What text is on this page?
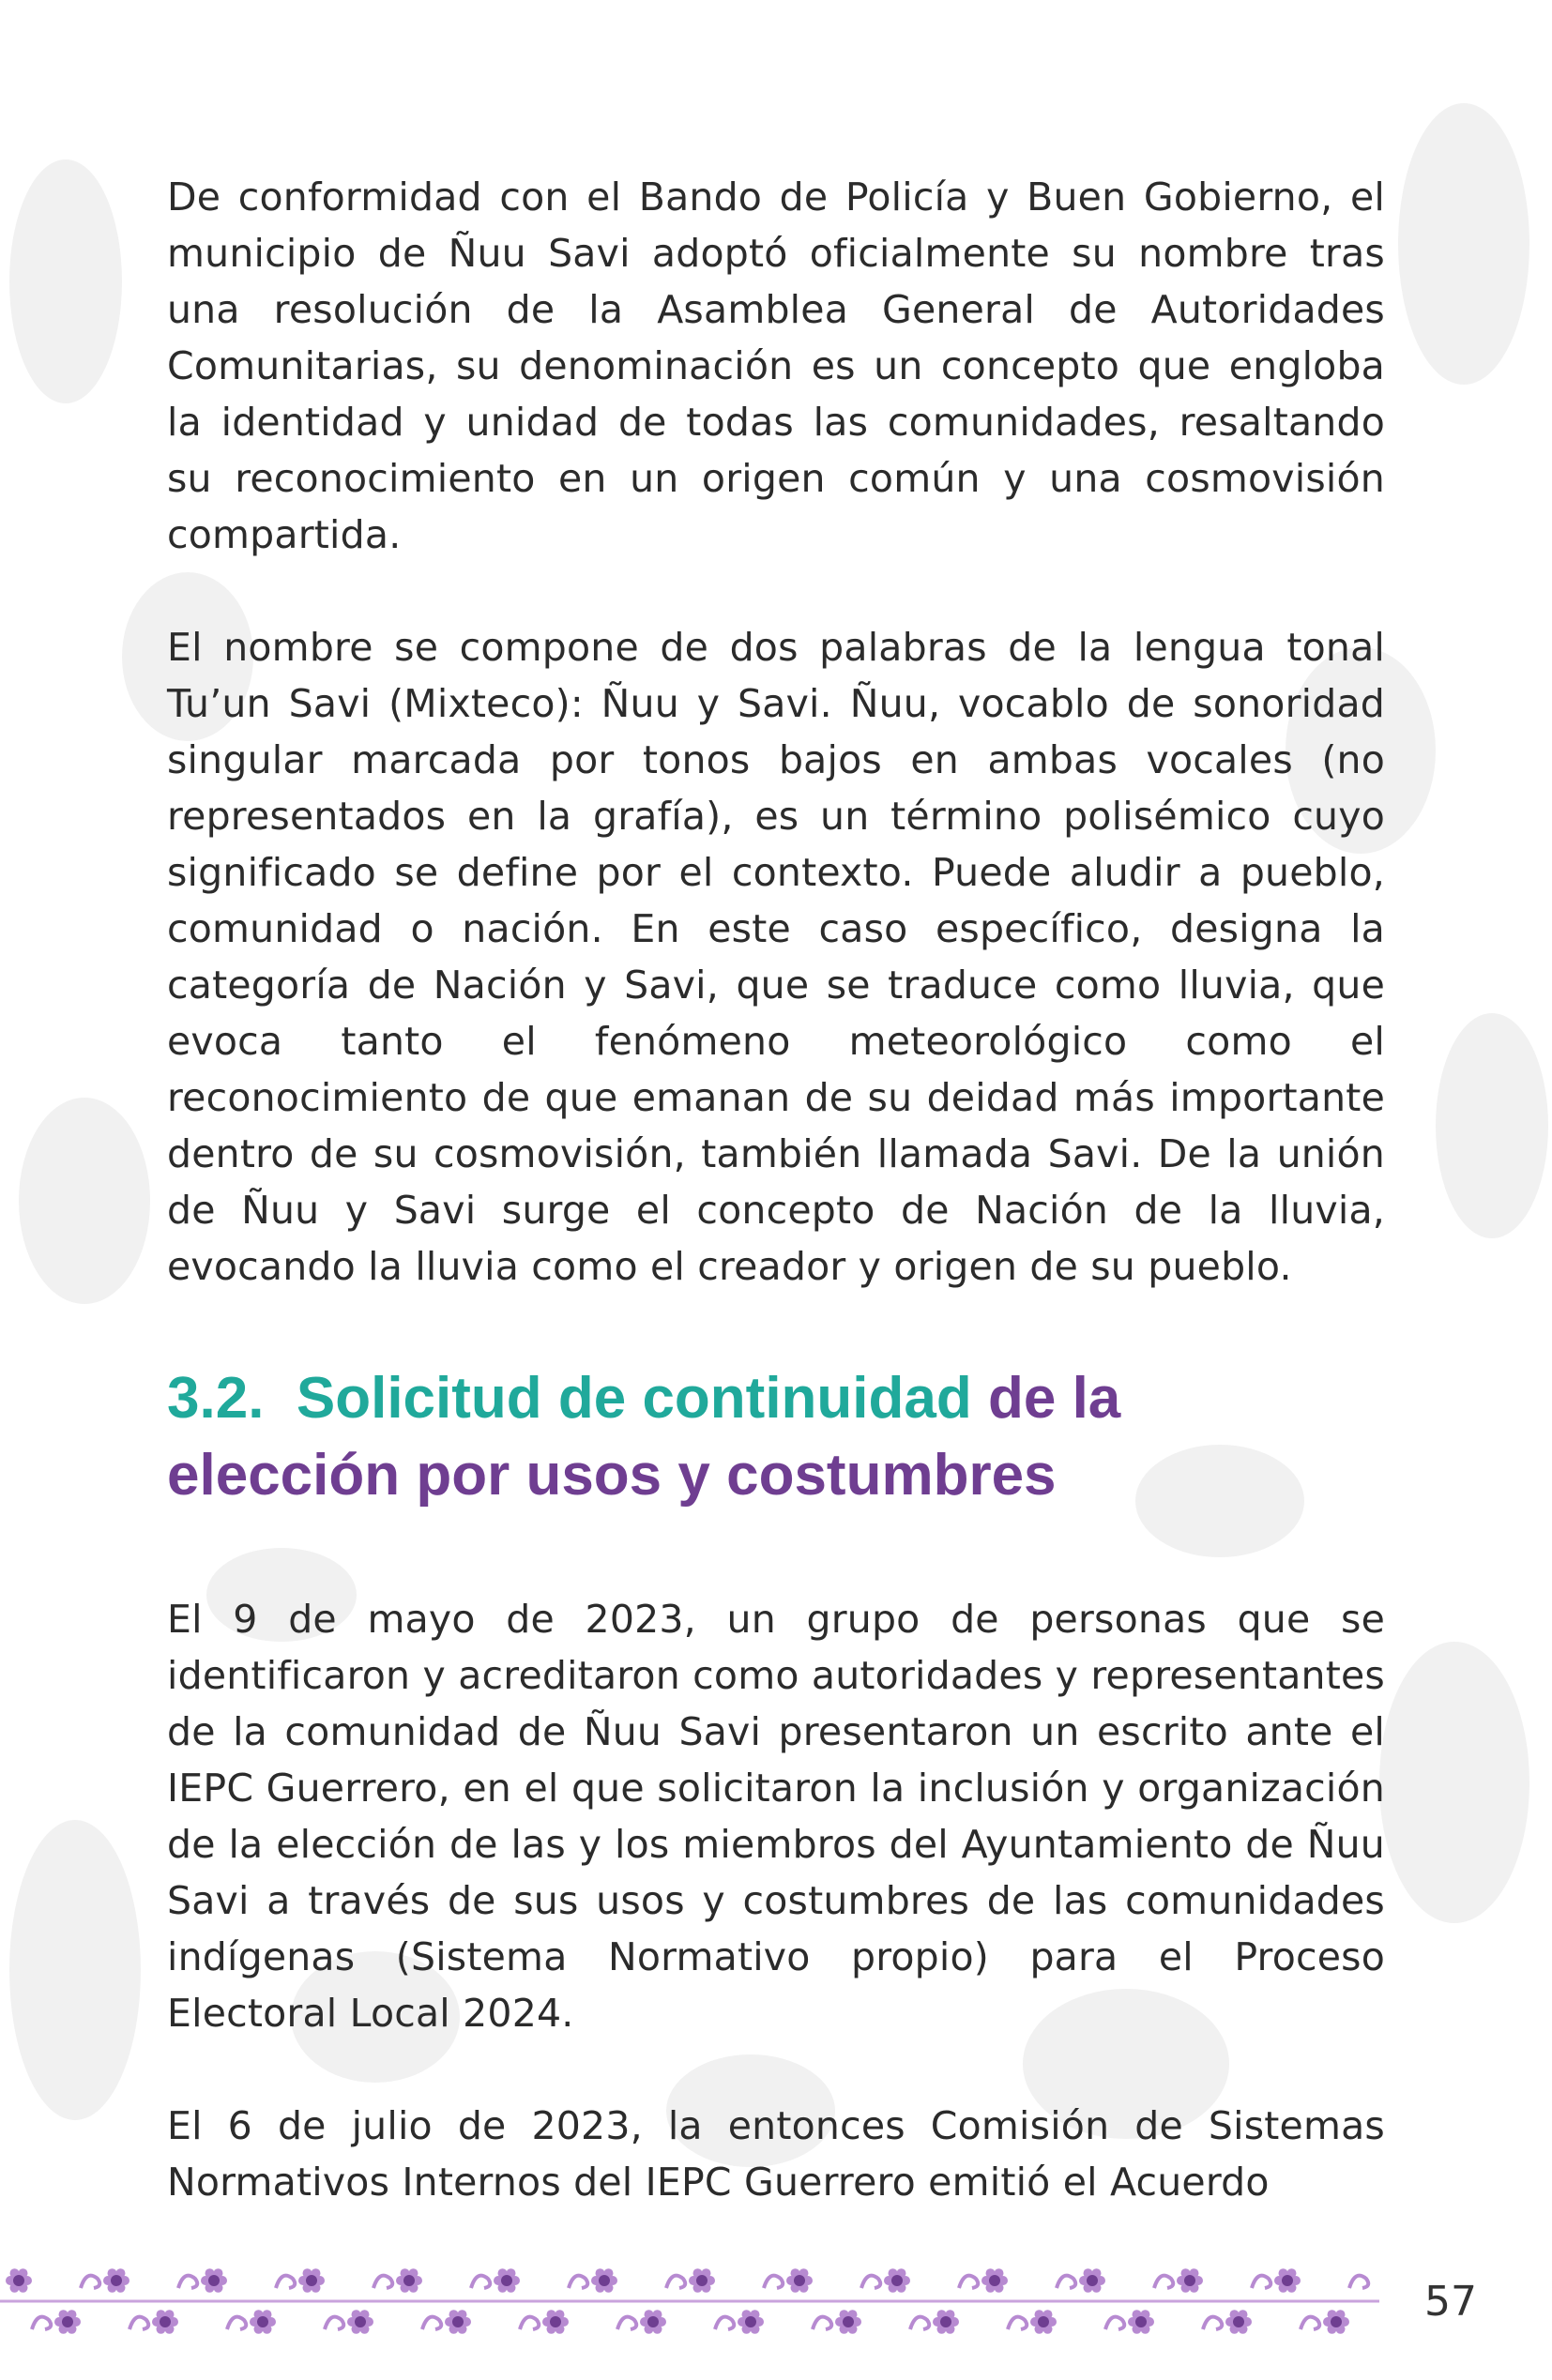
De conformidad con el Bando de Policía y Buen Gobierno, el municipio de Ñuu Savi adoptó oficialmente su nombre tras una resolución de la Asamblea General de Autoridades Comunitarias, su denominación es un concepto que engloba la identidad y unidad de todas las comunidades, resaltando su reconocimiento en un origen común y una cosmovisión compartida.

El nombre se compone de dos palabras de la lengua tonal Tu’un Savi (Mixteco): Ñuu y Savi. Ñuu, vocablo de sonoridad singular marcada por tonos bajos en ambas vocales (no representados en la grafía), es un término polisémico cuyo significado se define por el contexto. Puede aludir a pueblo, comunidad o nación. En este caso específico, designa la categoría de Nación y Savi, que se traduce como lluvia, que evoca tanto el fenómeno meteorológico como el reconocimiento de que emanan de su deidad más importante dentro de su cosmovisión, también llamada Savi. De la unión de Ñuu y Savi surge el concepto de Nación de la lluvia, evocando la lluvia como el creador y origen de su pueblo.

3.2. Solicitud de continuidad de la
elección por usos y costumbres

El 9 de mayo de 2023, un grupo de personas que se identificaron y acreditaron como autoridades y representantes de la comunidad de Ñuu Savi presentaron un escrito ante el IEPC Guerrero, en el que solicitaron la inclusión y organización de la elección de las y los miembros del Ayuntamiento de Ñuu Savi a través de sus usos y costumbres de las comunidades indígenas (Sistema Normativo propio) para el Proceso Electoral Local 2024.

El 6 de julio de 2023, la entonces Comisión de Sistemas Normativos Internos del IEPC Guerrero emitió el Acuerdo

57
